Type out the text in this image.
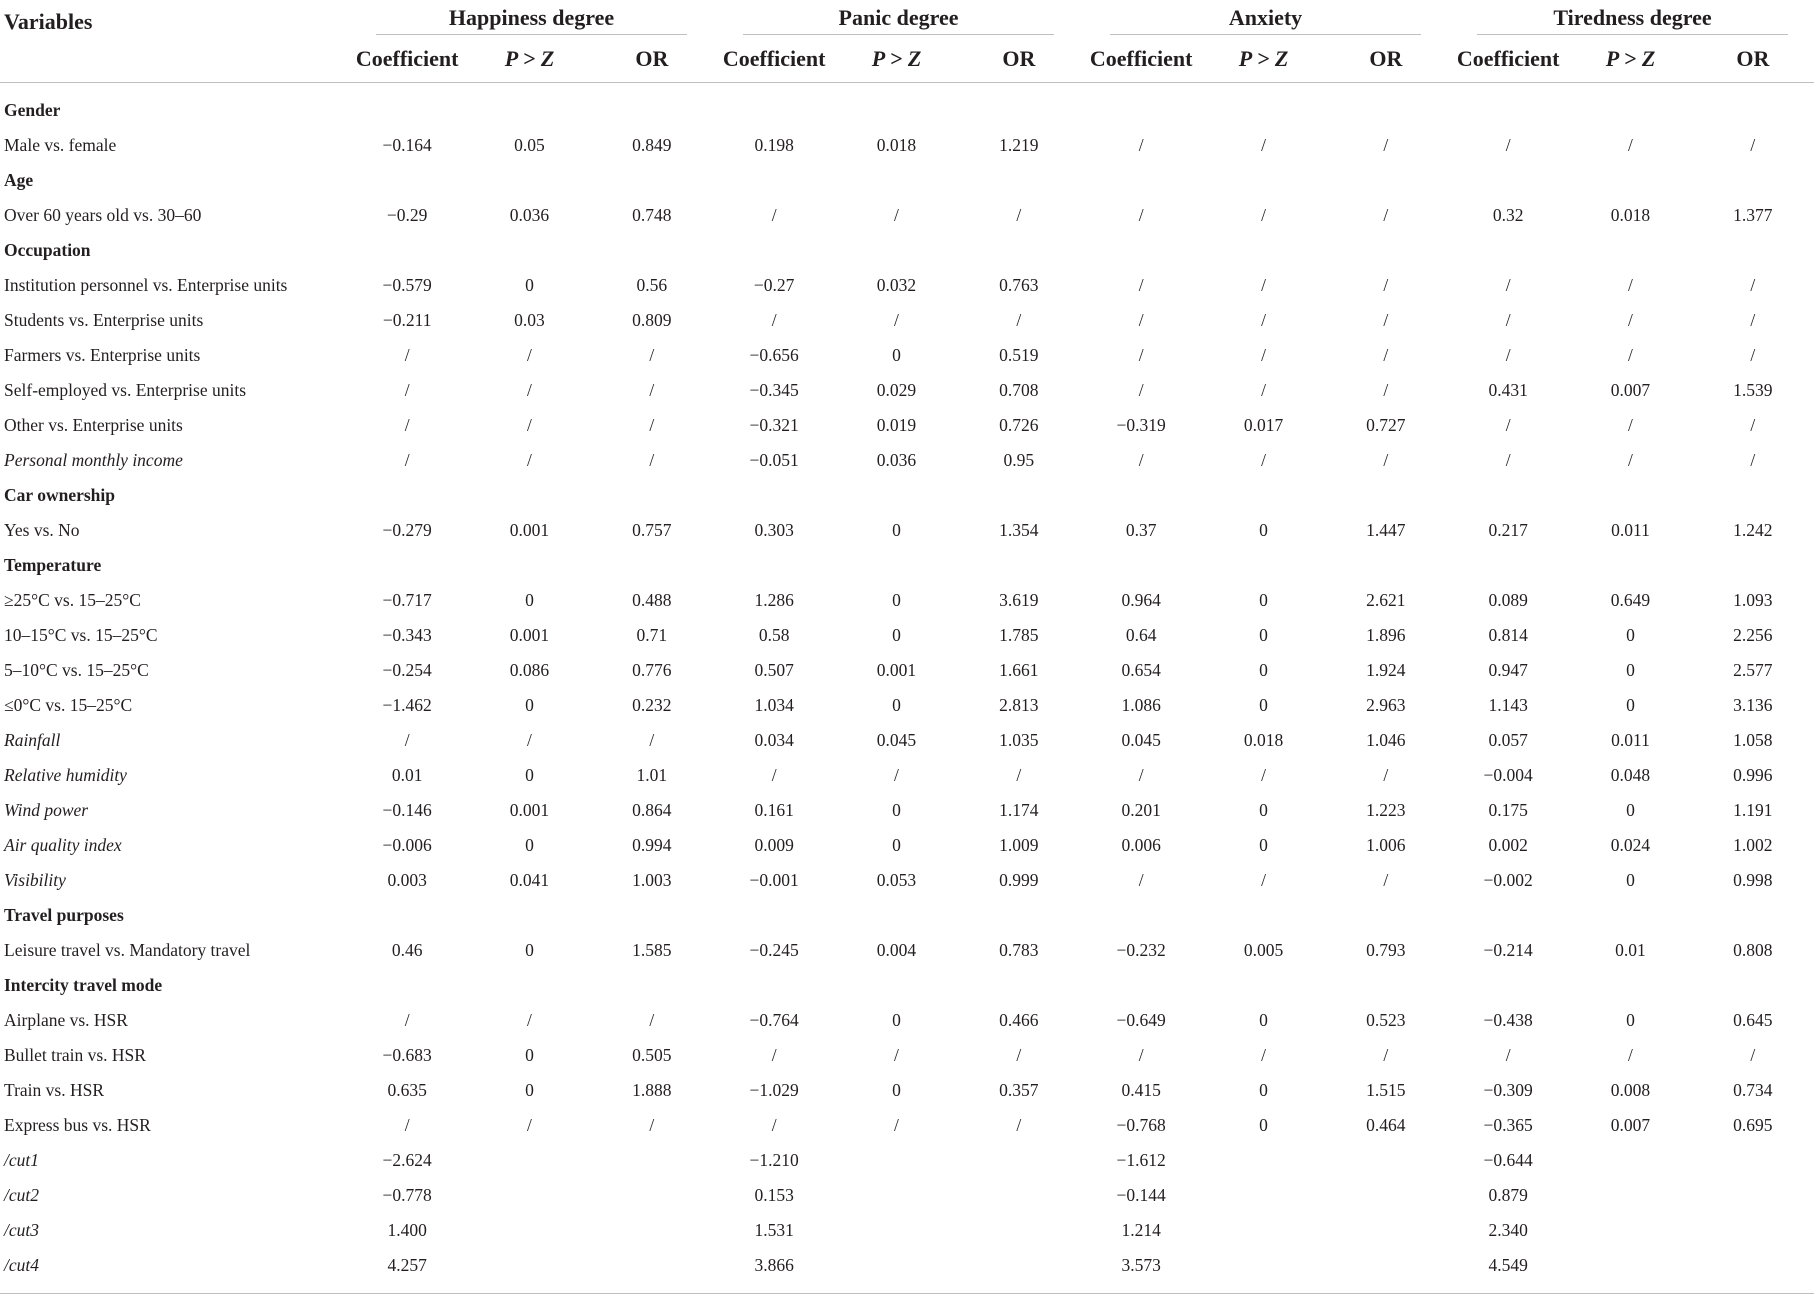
Variables	Happiness degree			Panic degree			Anxiety			Tiredness degree		

	Coefficient	P > Z	OR	Coefficient	P > Z	OR	Coefficient	P > Z	OR	Coefficient	P > Z	OR

Gender												
Male vs. female	−0.164	0.05	0.849	0.198	0.018	1.219	/	/	/	/	/	/
Age												
Over 60 years old vs. 30–60	−0.29	0.036	0.748	/	/	/	/	/	/	0.32	0.018	1.377
Occupation												
Institution personnel vs. Enterprise units	−0.579	0	0.56	−0.27	0.032	0.763	/	/	/	/	/	/
Students vs. Enterprise units	−0.211	0.03	0.809	/	/	/	/	/	/	/	/	/
Farmers vs. Enterprise units	/	/	/	−0.656	0	0.519	/	/	/	/	/	/
Self-employed vs. Enterprise units	/	/	/	−0.345	0.029	0.708	/	/	/	0.431	0.007	1.539
Other vs. Enterprise units	/	/	/	−0.321	0.019	0.726	−0.319	0.017	0.727	/	/	/
Personal monthly income	/	/	/	−0.051	0.036	0.95	/	/	/	/	/	/
Car ownership												
Yes vs. No	−0.279	0.001	0.757	0.303	0	1.354	0.37	0	1.447	0.217	0.011	1.242
Temperature												
≥25°C vs. 15–25°C	−0.717	0	0.488	1.286	0	3.619	0.964	0	2.621	0.089	0.649	1.093
10–15°C vs. 15–25°C	−0.343	0.001	0.71	0.58	0	1.785	0.64	0	1.896	0.814	0	2.256
5–10°C vs. 15–25°C	−0.254	0.086	0.776	0.507	0.001	1.661	0.654	0	1.924	0.947	0	2.577
≤0°C vs. 15–25°C	−1.462	0	0.232	1.034	0	2.813	1.086	0	2.963	1.143	0	3.136
Rainfall	/	/	/	0.034	0.045	1.035	0.045	0.018	1.046	0.057	0.011	1.058
Relative humidity	0.01	0	1.01	/	/	/	/	/	/	−0.004	0.048	0.996
Wind power	−0.146	0.001	0.864	0.161	0	1.174	0.201	0	1.223	0.175	0	1.191
Air quality index	−0.006	0	0.994	0.009	0	1.009	0.006	0	1.006	0.002	0.024	1.002
Visibility	0.003	0.041	1.003	−0.001	0.053	0.999	/	/	/	−0.002	0	0.998
Travel purposes												
Leisure travel vs. Mandatory travel	0.46	0	1.585	−0.245	0.004	0.783	−0.232	0.005	0.793	−0.214	0.01	0.808
Intercity travel mode												
Airplane vs. HSR	/	/	/	−0.764	0	0.466	−0.649	0	0.523	−0.438	0	0.645
Bullet train vs. HSR	−0.683	0	0.505	/	/	/	/	/	/	/	/	/
Train vs. HSR	0.635	0	1.888	−1.029	0	0.357	0.415	0	1.515	−0.309	0.008	0.734
Express bus vs. HSR	/	/	/	/	/	/	−0.768	0	0.464	−0.365	0.007	0.695
/cut1	−2.624			−1.210			−1.612			−0.644		
/cut2	−0.778			0.153			−0.144			0.879		
/cut3	1.400			1.531			1.214			2.340		
/cut4	4.257			3.866			3.573			4.549		
